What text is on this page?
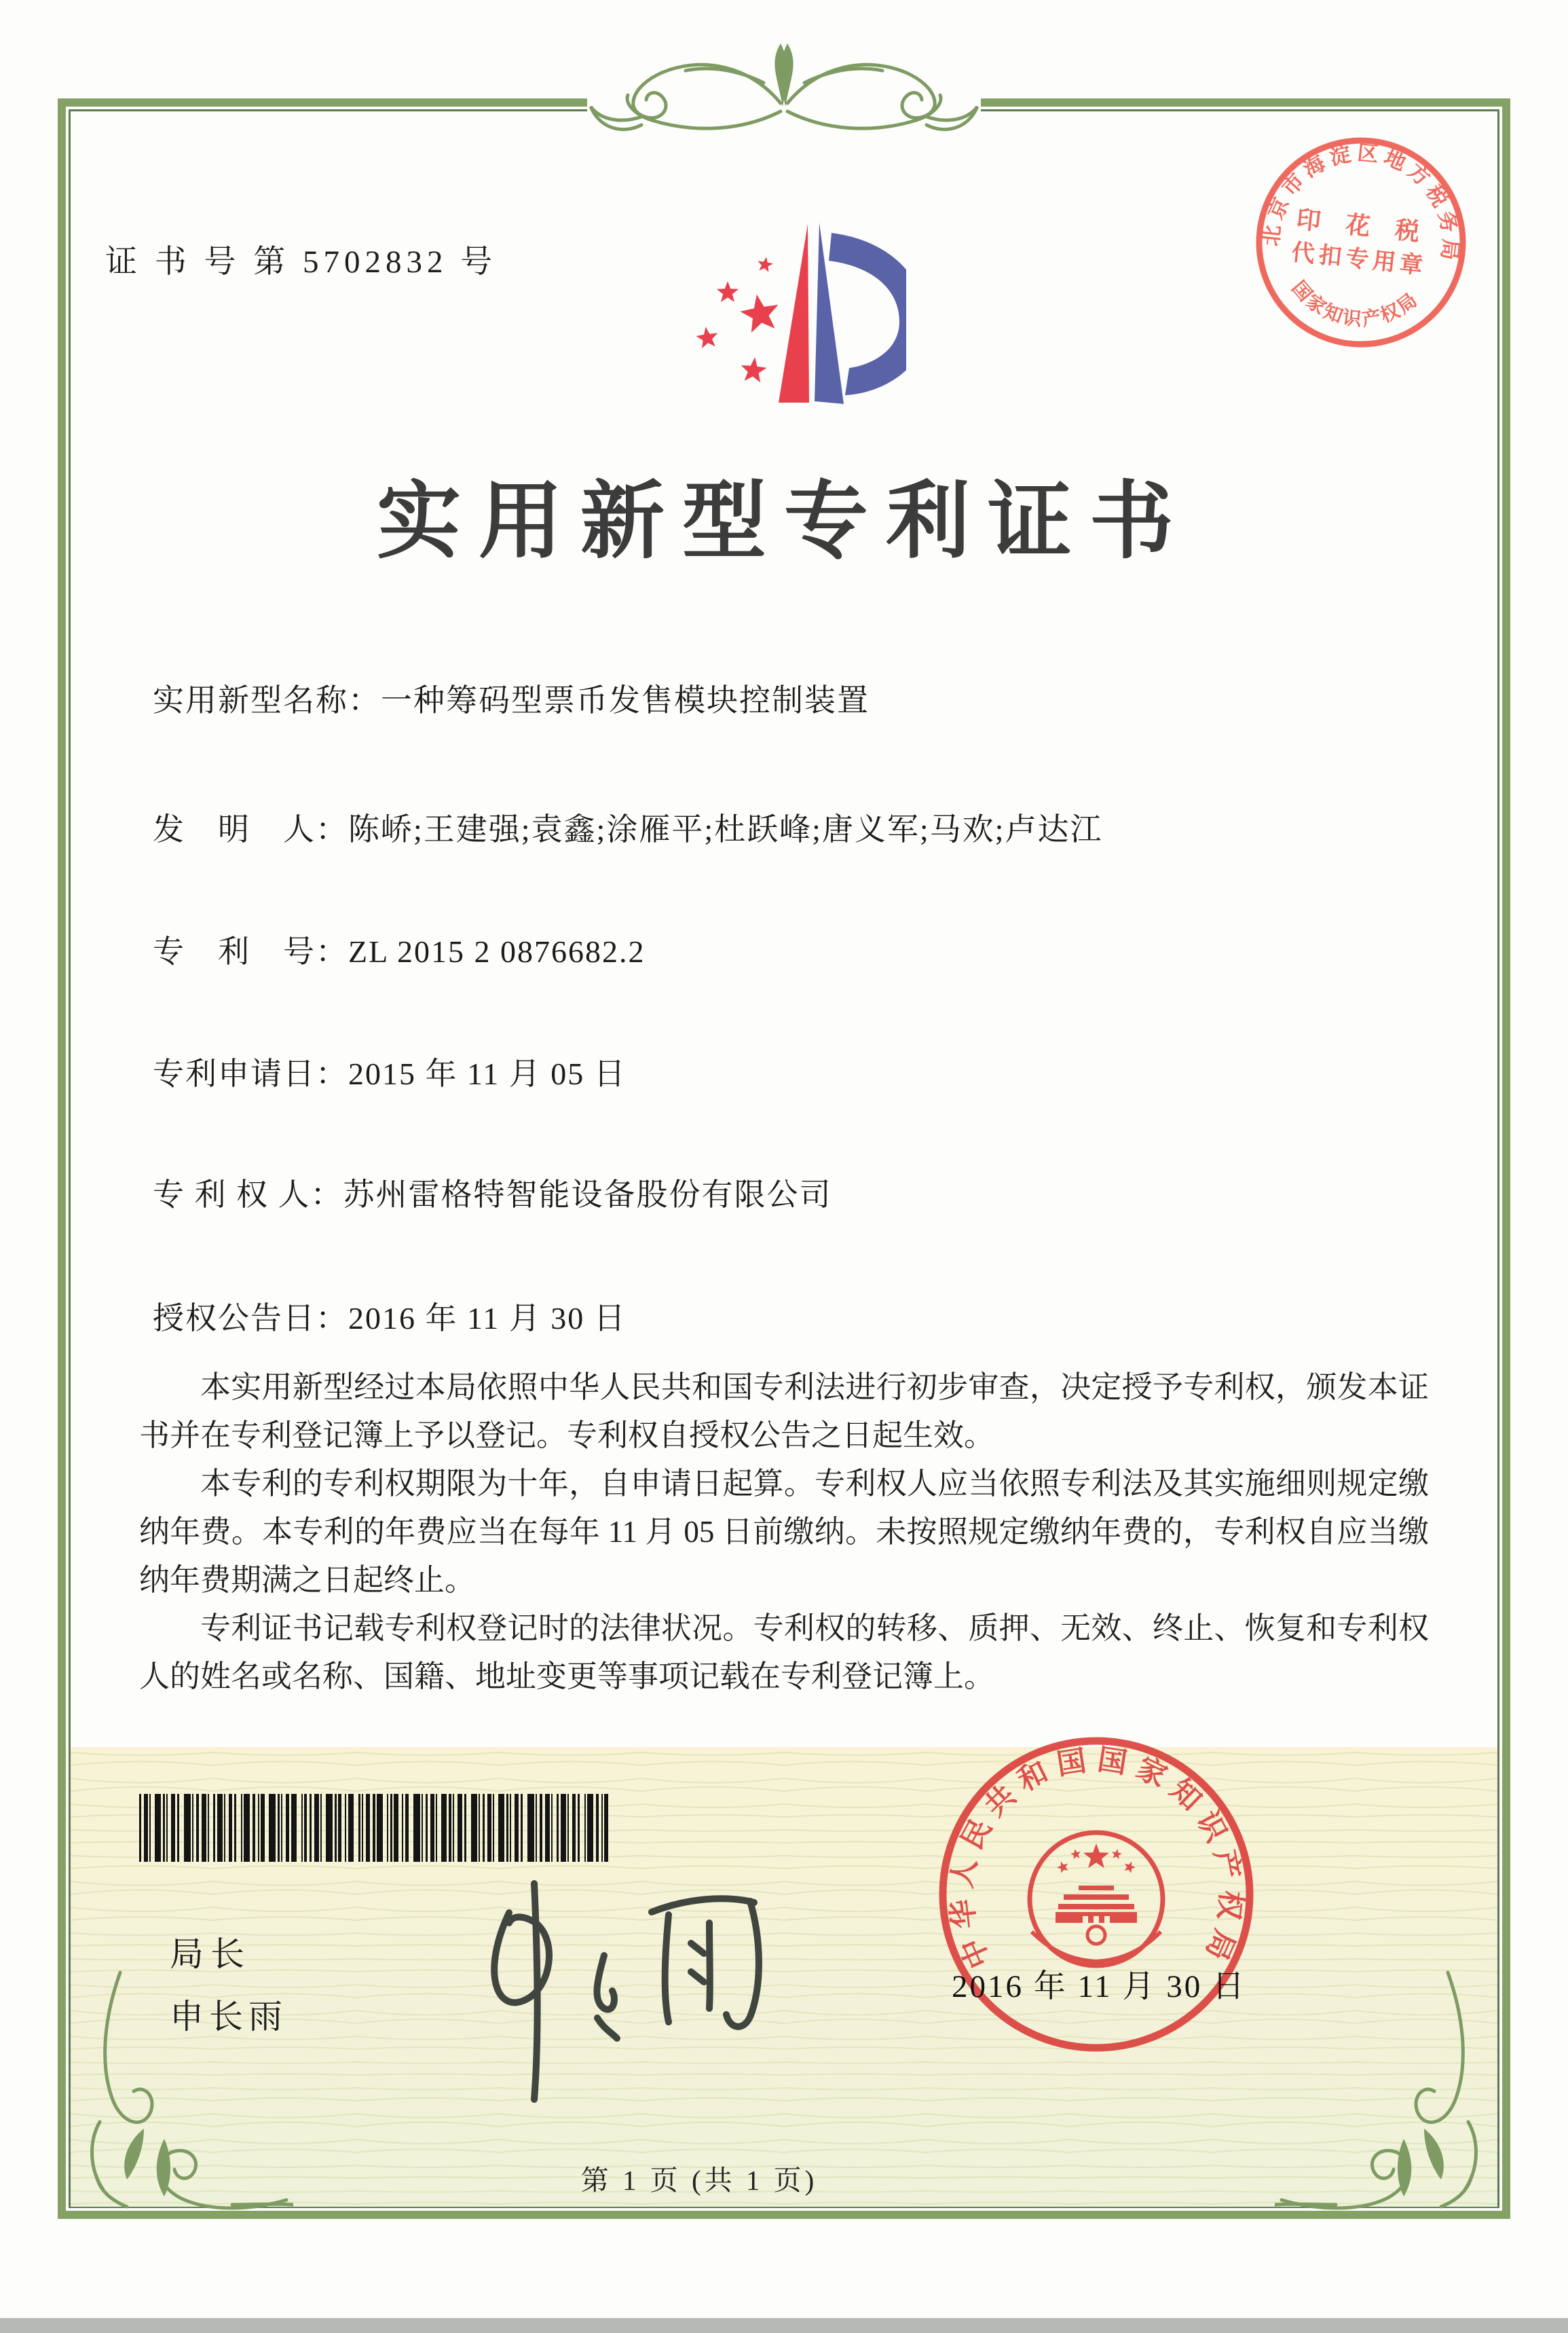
证 书 号 第 5702832 号
北京市海淀区地方税务局
印 花 税
代扣专用章
国家知识产权局
实用新型专利证书
实用新型名称：一种筹码型票币发售模块控制装置
发　明　人：陈峤;王建强;袁鑫;涂雁平;杜跃峰;唐义军;马欢;卢达江
专　利　号：ZL 2015 2 0876682.2
专利申请日：2015 年 11 月 05 日
专 利 权 人：苏州雷格特智能设备股份有限公司
授权公告日：2016 年 11 月 30 日

本实用新型经过本局依照中华人民共和国专利法进行初步审查，决定授予专利权，颁发本证书并在专利登记簿上予以登记。专利权自授权公告之日起生效。

本专利的专利权期限为十年，自申请日起算。专利权人应当依照专利法及其实施细则规定缴纳年费。本专利的年费应当在每年 11 月 05 日前缴纳。未按照规定缴纳年费的，专利权自应当缴纳年费期满之日起终止。

专利证书记载专利权登记时的法律状况。专利权的转移、质押、无效、终止、恢复和专利权人的姓名或名称、国籍、地址变更等事项记载在专利登记簿上。

局长
申长雨
中华人民共和国国家知识产权局
2016 年 11 月 30 日
第 1 页 (共 1 页)
